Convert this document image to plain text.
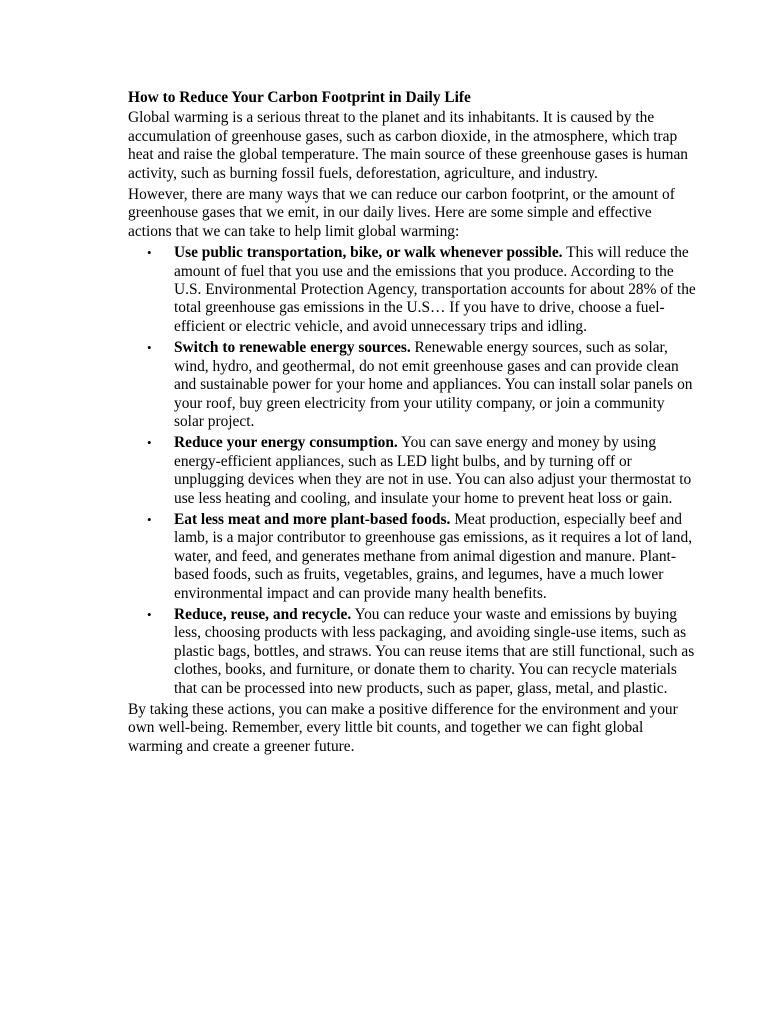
How to Reduce Your Carbon Footprint in Daily Life

Global warming is a serious threat to the planet and its inhabitants. It is caused by the accumulation of greenhouse gases, such as carbon dioxide, in the atmosphere, which trap heat and raise the global temperature. The main source of these greenhouse gases is human activity, such as burning fossil fuels, deforestation, agriculture, and industry.

However, there are many ways that we can reduce our carbon footprint, or the amount of greenhouse gases that we emit, in our daily lives. Here are some simple and effective actions that we can take to help limit global warming:

• Use public transportation, bike, or walk whenever possible. This will reduce the amount of fuel that you use and the emissions that you produce. According to the U.S. Environmental Protection Agency, transportation accounts for about 28% of the total greenhouse gas emissions in the U.S… If you have to drive, choose a fuel-efficient or electric vehicle, and avoid unnecessary trips and idling.
• Switch to renewable energy sources. Renewable energy sources, such as solar, wind, hydro, and geothermal, do not emit greenhouse gases and can provide clean and sustainable power for your home and appliances. You can install solar panels on your roof, buy green electricity from your utility company, or join a community solar project.
• Reduce your energy consumption. You can save energy and money by using energy-efficient appliances, such as LED light bulbs, and by turning off or unplugging devices when they are not in use. You can also adjust your thermostat to use less heating and cooling, and insulate your home to prevent heat loss or gain.
• Eat less meat and more plant-based foods. Meat production, especially beef and lamb, is a major contributor to greenhouse gas emissions, as it requires a lot of land, water, and feed, and generates methane from animal digestion and manure. Plant-based foods, such as fruits, vegetables, grains, and legumes, have a much lower environmental impact and can provide many health benefits.
• Reduce, reuse, and recycle. You can reduce your waste and emissions by buying less, choosing products with less packaging, and avoiding single-use items, such as plastic bags, bottles, and straws. You can reuse items that are still functional, such as clothes, books, and furniture, or donate them to charity. You can recycle materials that can be processed into new products, such as paper, glass, metal, and plastic.

By taking these actions, you can make a positive difference for the environment and your own well-being. Remember, every little bit counts, and together we can fight global warming and create a greener future.
